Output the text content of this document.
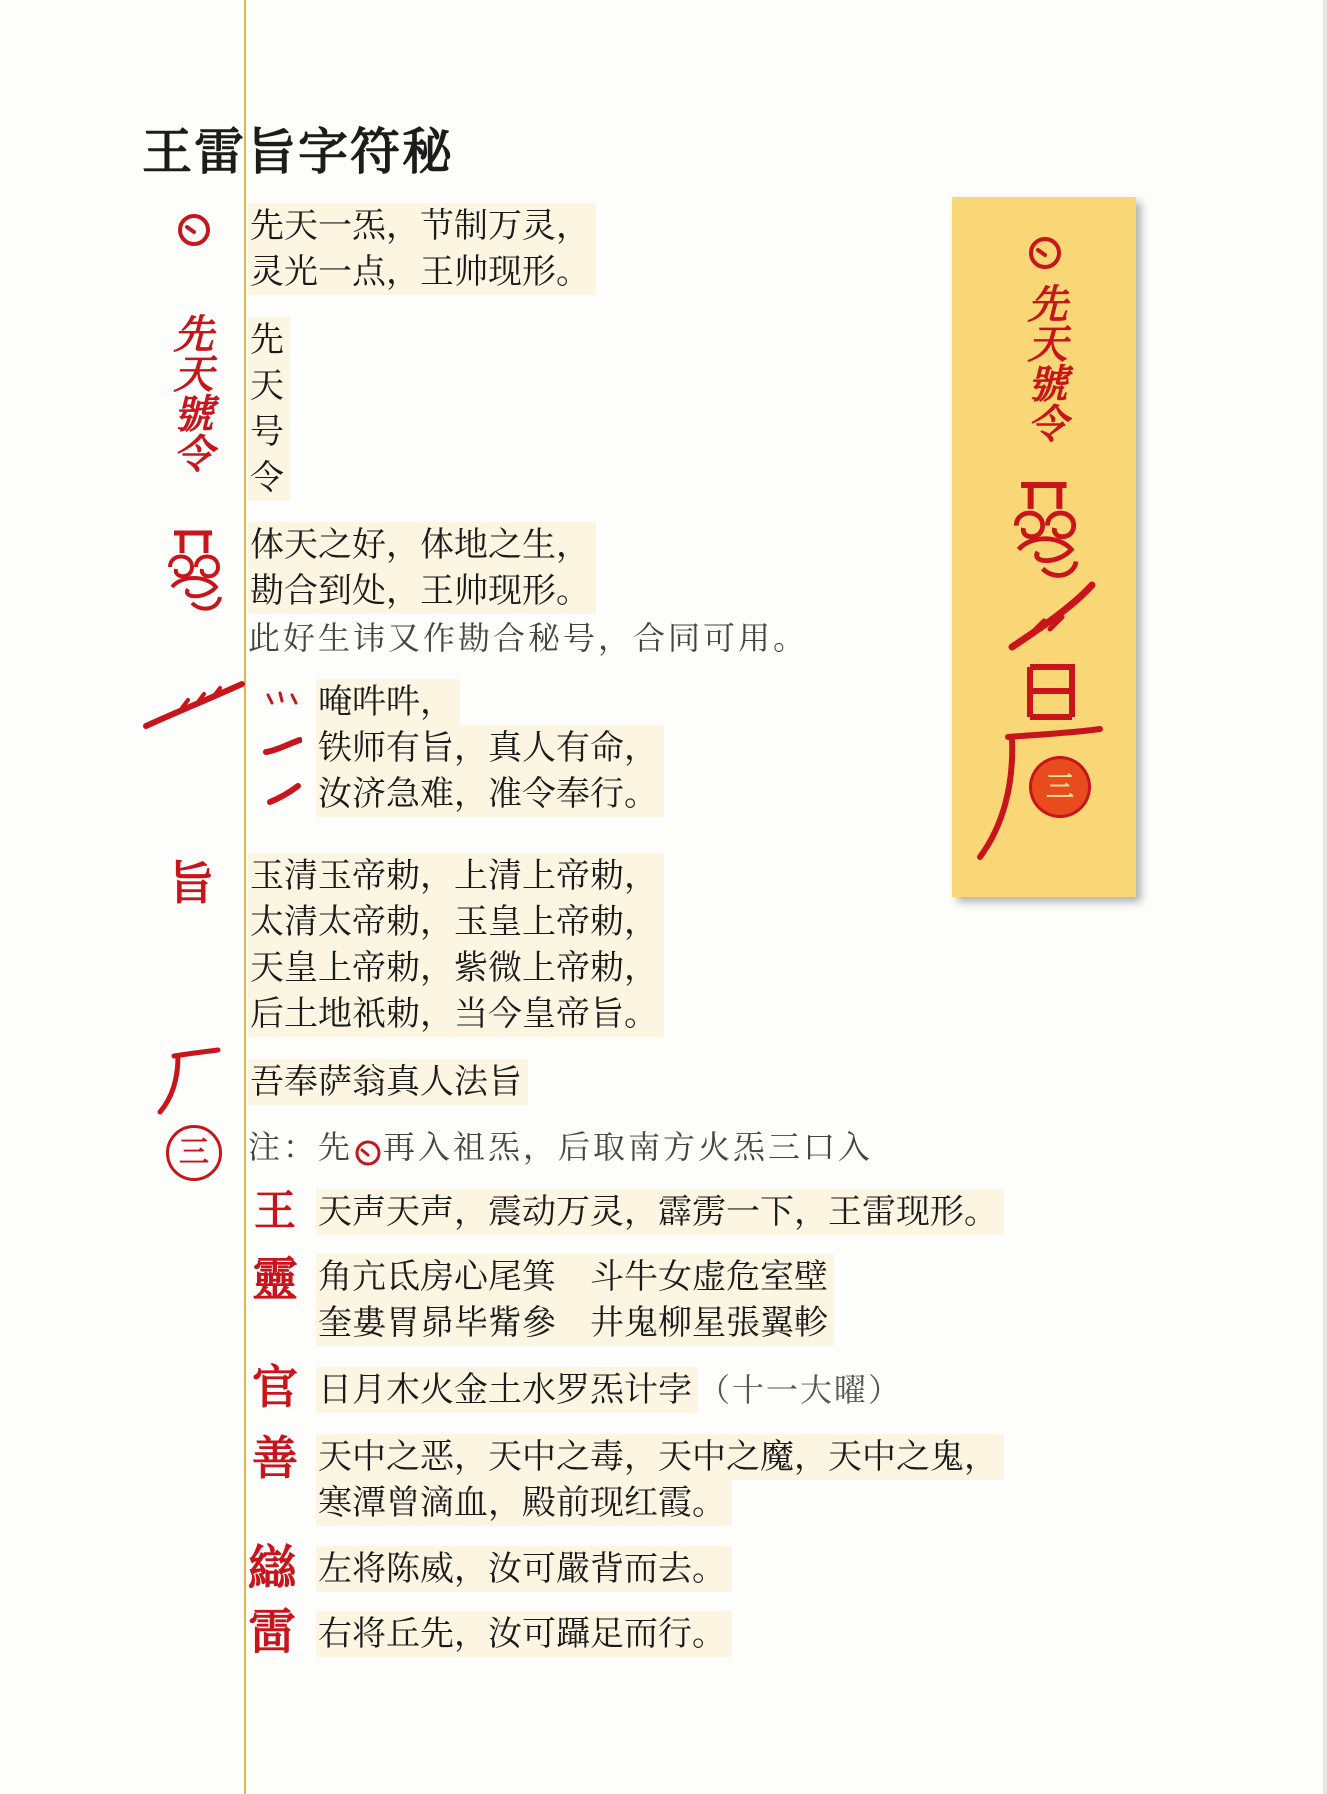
王雷旨字符秘
先天一炁，节制万灵，
灵光一点，王帅现形。
先天號令 先
天
号
令
体天之好，体地之生，
勘合到处，王帅现形。
此好生讳又作勘合秘号，合同可用。
唵吽吽，
铁师有旨，真人有命，
汝济急难，准令奉行。
旨 玉清玉帝勅，上清上帝勅，
太清太帝勅，玉皇上帝勅，
天皇上帝勅，紫微上帝勅，
后土地祇勅，当今皇帝旨。
吾奉萨翁真人法旨
三	注：先 再入祖炁，后取南方火炁三口入
王 天声天声，震动万灵，霹雳一下，王雷现形。
靈 角亢氐房心尾箕　斗牛女虚危室壁
奎婁胃昴毕觜參　井鬼柳星張翼軫
官 日月木火金土水罗炁计孛 （十一大曜）
善 天中之恶，天中之毒，天中之魔，天中之鬼，
寒潭曾滴血，殿前现红霞。
䜌 左将陈威，汝可嚴背而去。
䨓 右将丘先，汝可躡足而行。
先天號令
三
